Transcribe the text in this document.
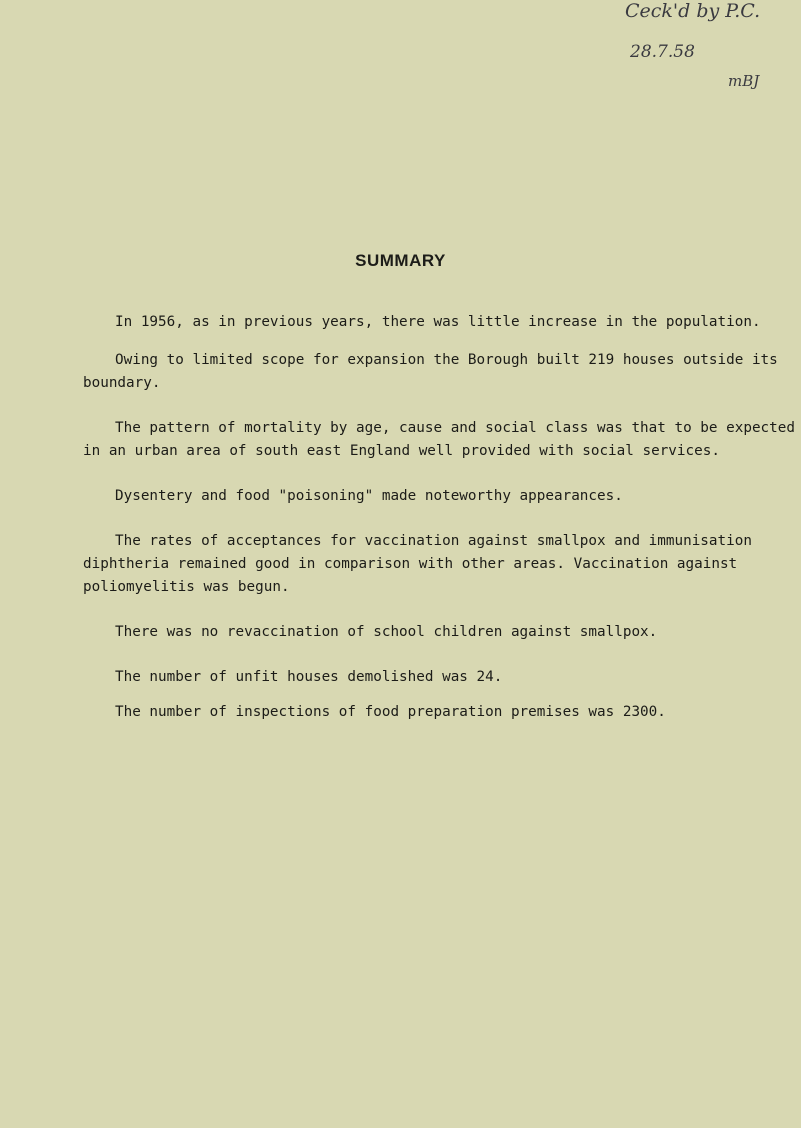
Ceck'd by P.C.
28.7.58
mBJ
SUMMARY
In 1956, as in previous years, there was little increase in the population.
Owing to limited scope for expansion the Borough built 219 houses outside its
boundary.
The pattern of mortality by age, cause and social class was that to be expected
in an urban area of south east England well provided with social services.
Dysentery and food "poisoning" made noteworthy appearances.
The rates of acceptances for vaccination against smallpox and immunisation
diphtheria remained good in comparison with other areas. Vaccination against
poliomyelitis was begun.
There was no revaccination of school children against smallpox.
The number of unfit houses demolished was 24.
The number of inspections of food preparation premises was 2300.
